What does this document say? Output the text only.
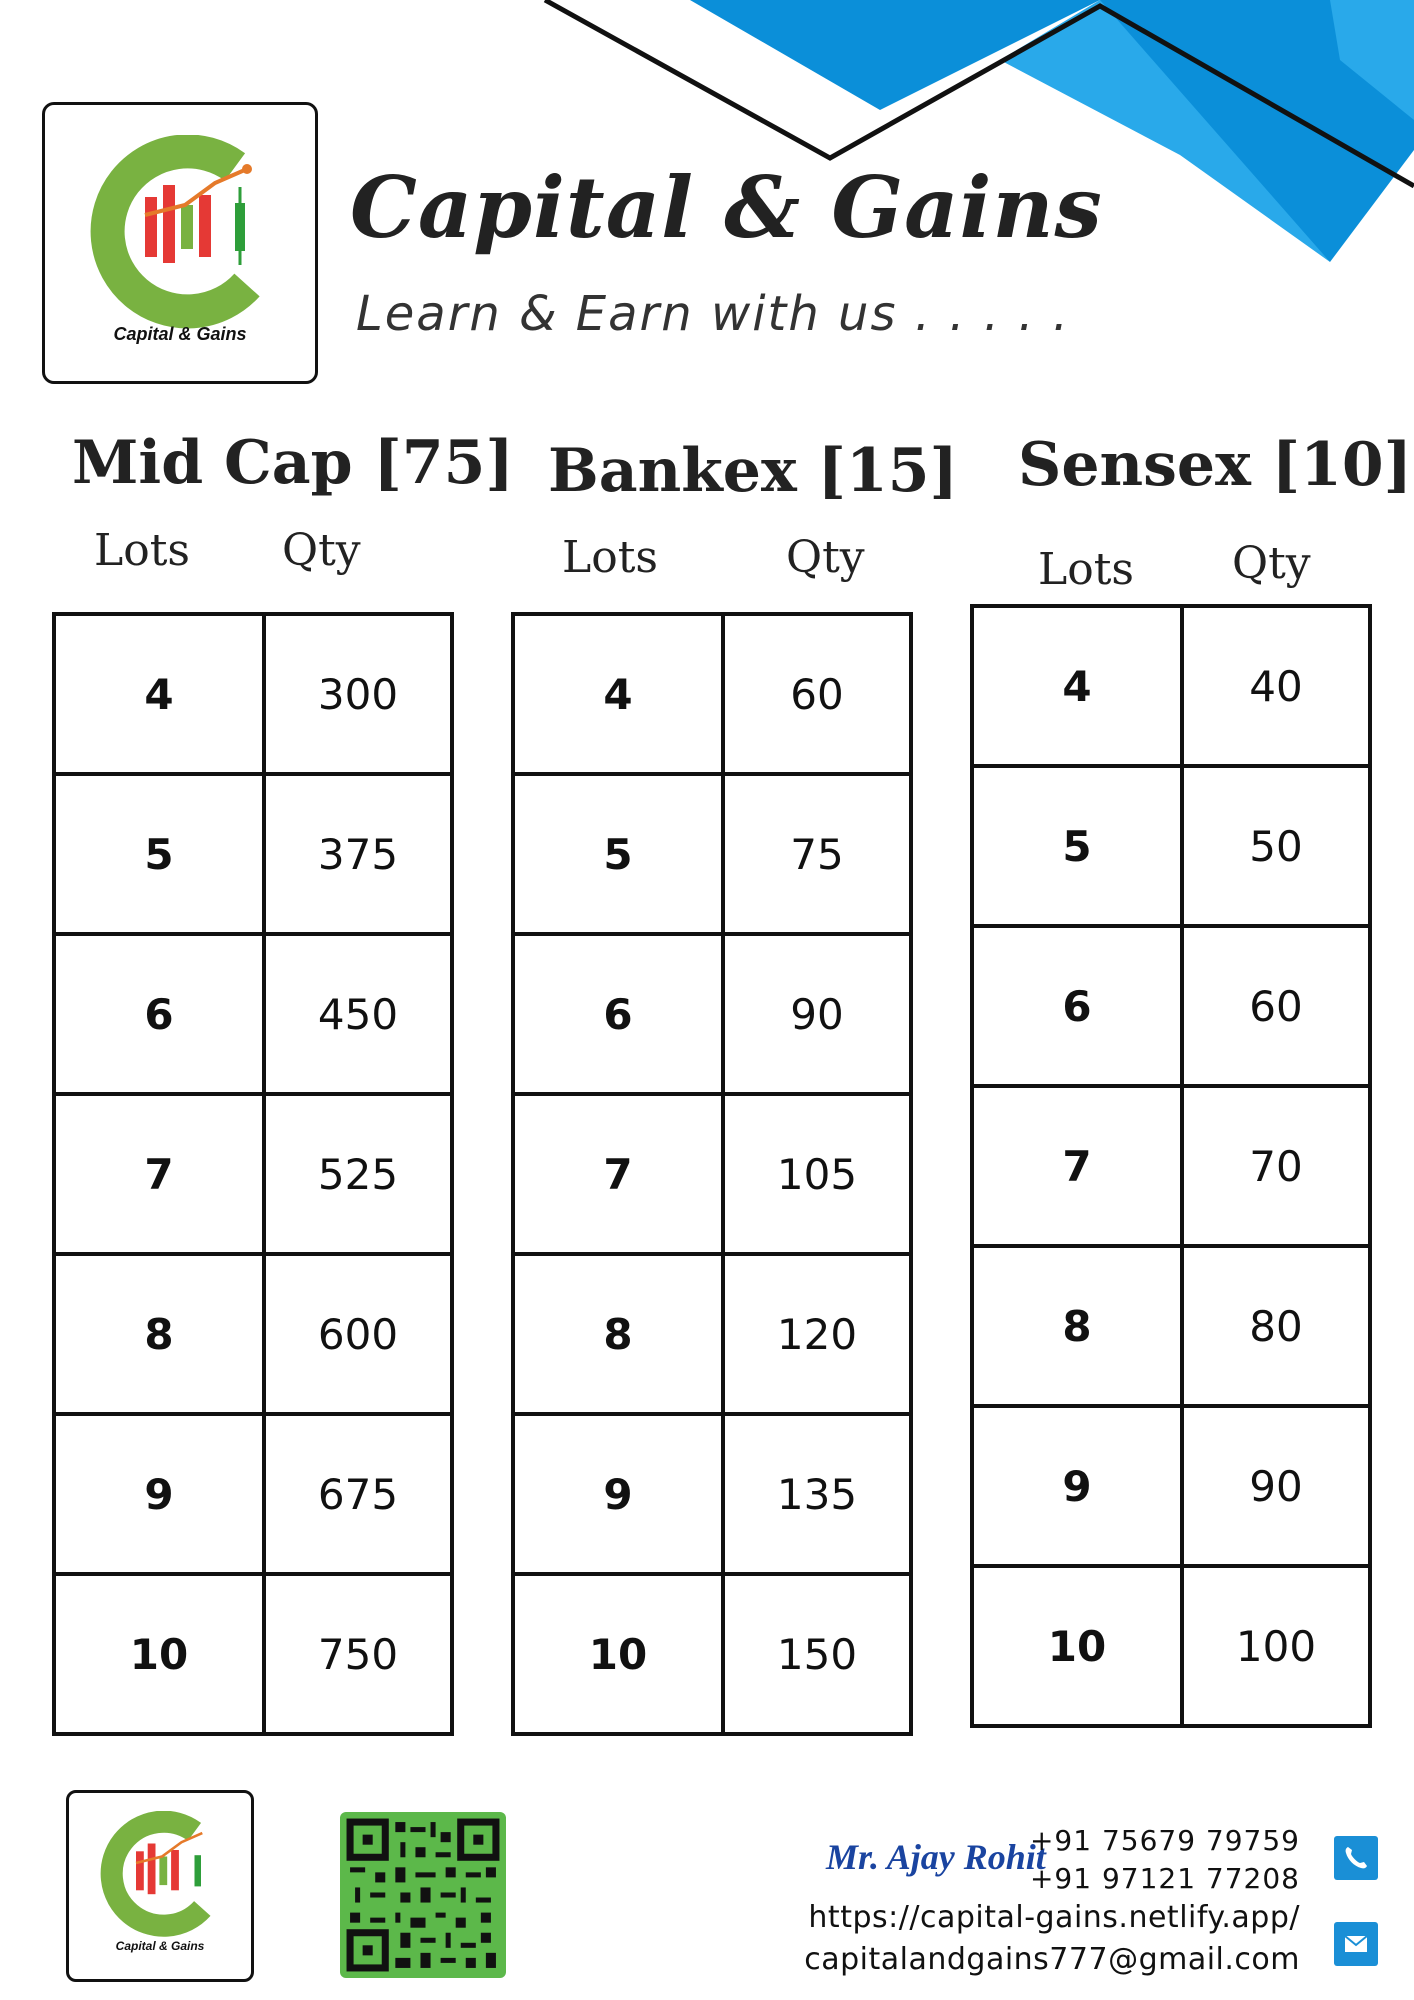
Capital & Gains
Capital & Gains
Learn & Earn with us . . . . .
Mid Cap [75]
Lots Qty
4	300
5	375
6	450
7	525
8	600
9	675
10	750
Bankex [15]
Lots	Qty
4	60
5	75
6	90
7	105
8	120
9	135
10	150
Sensex [10]
Lots Qty
4	40
5	50
6	60
7	70
8	80
9	90
10	100
Capital & Gains
Mr. Ajay Rohit
+91 75679 79759
+91 97121 77208
https://capital-gains.netlify.app/
capitalandgains777@gmail.com
